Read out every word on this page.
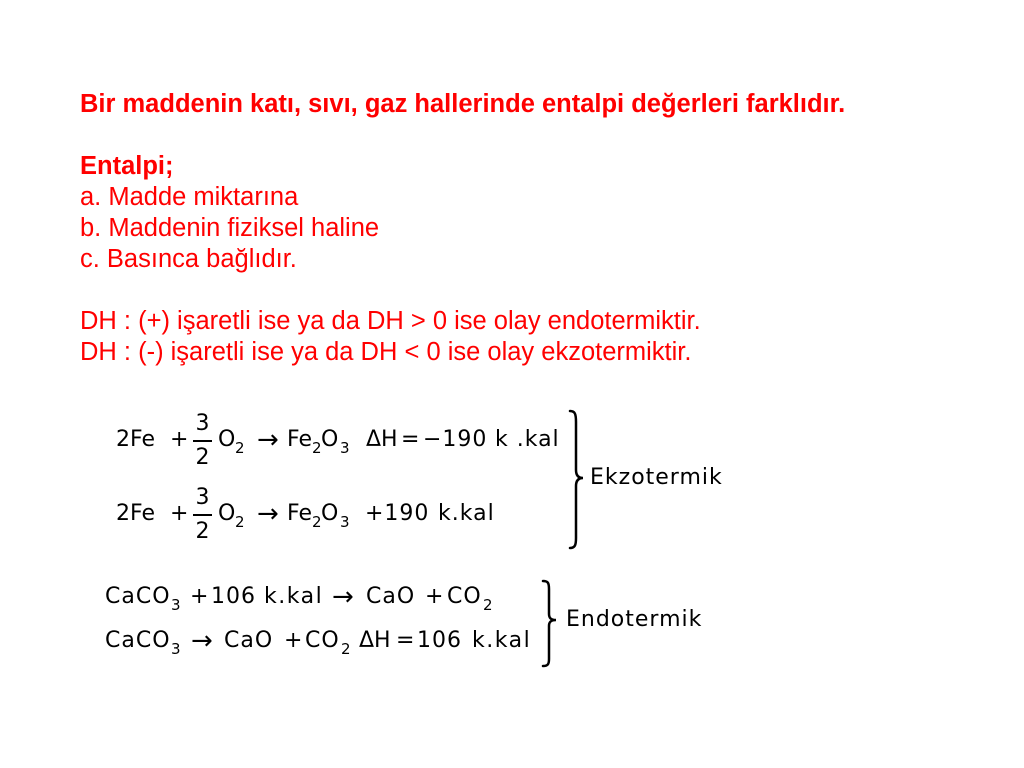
Bir maddenin katı, sıvı, gaz hallerinde entalpi değerleri farklıdır.
Entalpi;
a. Madde miktarına
b. Maddenin fiziksel haline
c. Basınca bağlıdır.
DH : (+) işaretli ise ya da DH > 0 ise olay endotermiktir.
DH : (-) işaretli ise ya da DH < 0 ise olay ekzotermiktir.
2Fe +
3
2
O 2 → Fe 2 O 3 ΔH = −190 k .kal
2Fe +
3
2
O 2 → Fe 2 O 3 +190 k.kal
Ekzotermik
CaCO 3 + 106 k.kal → CaO + CO 2
CaCO 3 → CaO + CO 2 ΔH = 106 k.kal
Endotermik
